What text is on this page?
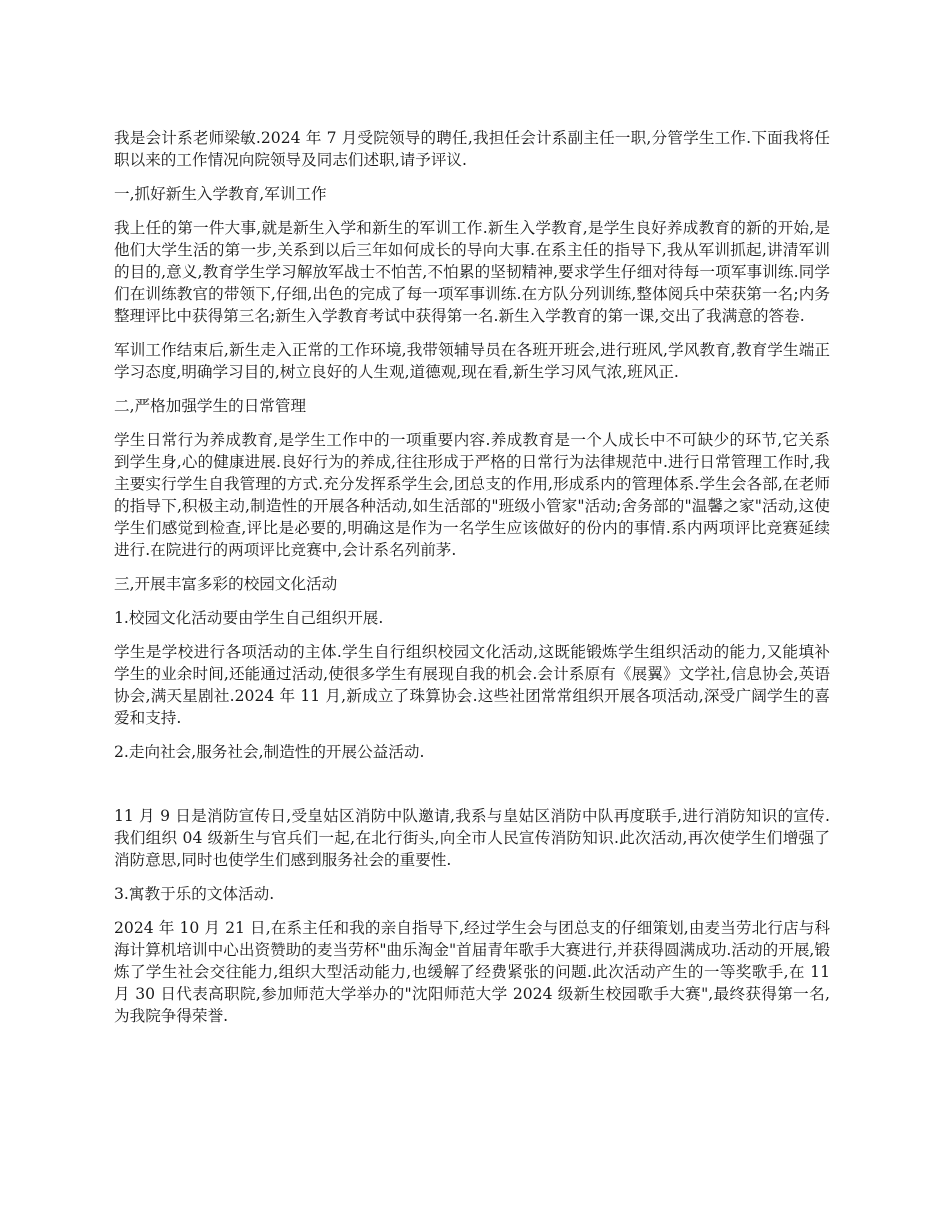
我是会计系老师梁敏.2024 年 7 月受院领导的聘任,我担任会计系副主任一职,分管学生工作.下面我将任职以来的工作情况向院领导及同志们述职,请予评议.

一,抓好新生入学教育,军训工作

我上任的第一件大事,就是新生入学和新生的军训工作.新生入学教育,是学生良好养成教育的新的开始,是他们大学生活的第一步,关系到以后三年如何成长的导向大事.在系主任的指导下,我从军训抓起,讲清军训的目的,意义,教育学生学习解放军战士不怕苦,不怕累的坚韧精神,要求学生仔细对待每一项军事训练.同学们在训练教官的带领下,仔细,出色的完成了每一项军事训练.在方队分列训练,整体阅兵中荣获第一名;内务整理评比中获得第三名;新生入学教育考试中获得第一名.新生入学教育的第一课,交出了我满意的答卷.

军训工作结束后,新生走入正常的工作环境,我带领辅导员在各班开班会,进行班风,学风教育,教育学生端正学习态度,明确学习目的,树立良好的人生观,道德观,现在看,新生学习风气浓,班风正.

二,严格加强学生的日常管理

学生日常行为养成教育,是学生工作中的一项重要内容.养成教育是一个人成长中不可缺少的环节,它关系到学生身,心的健康进展.良好行为的养成,往往形成于严格的日常行为法律规范中.进行日常管理工作时,我主要实行学生自我管理的方式.充分发挥系学生会,团总支的作用,形成系内的管理体系.学生会各部,在老师的指导下,积极主动,制造性的开展各种活动,如生活部的"班级小管家"活动;舍务部的"温馨之家"活动,这使学生们感觉到检查,评比是必要的,明确这是作为一名学生应该做好的份内的事情.系内两项评比竞赛延续进行.在院进行的两项评比竞赛中,会计系名列前茅.

三,开展丰富多彩的校园文化活动

1.校园文化活动要由学生自己组织开展.

学生是学校进行各项活动的主体.学生自行组织校园文化活动,这既能锻炼学生组织活动的能力,又能填补学生的业余时间,还能通过活动,使很多学生有展现自我的机会.会计系原有《展翼》文学社,信息协会,英语协会,满天星剧社.2024 年 11 月,新成立了珠算协会.这些社团常常组织开展各项活动,深受广阔学生的喜爱和支持.

2.走向社会,服务社会,制造性的开展公益活动.

11 月 9 日是消防宣传日,受皇姑区消防中队邀请,我系与皇姑区消防中队再度联手,进行消防知识的宣传.我们组织 04 级新生与官兵们一起,在北行街头,向全市人民宣传消防知识.此次活动,再次使学生们增强了消防意思,同时也使学生们感到服务社会的重要性.

3.寓教于乐的文体活动.

2024 年 10 月 21 日,在系主任和我的亲自指导下,经过学生会与团总支的仔细策划,由麦当劳北行店与科海计算机培训中心出资赞助的麦当劳杯"曲乐淘金"首届青年歌手大赛进行,并获得圆满成功.活动的开展,锻炼了学生社会交往能力,组织大型活动能力,也缓解了经费紧张的问题.此次活动产生的一等奖歌手,在 11 月 30 日代表高职院,参加师范大学举办的"沈阳师范大学 2024 级新生校园歌手大赛",最终获得第一名,为我院争得荣誉.
